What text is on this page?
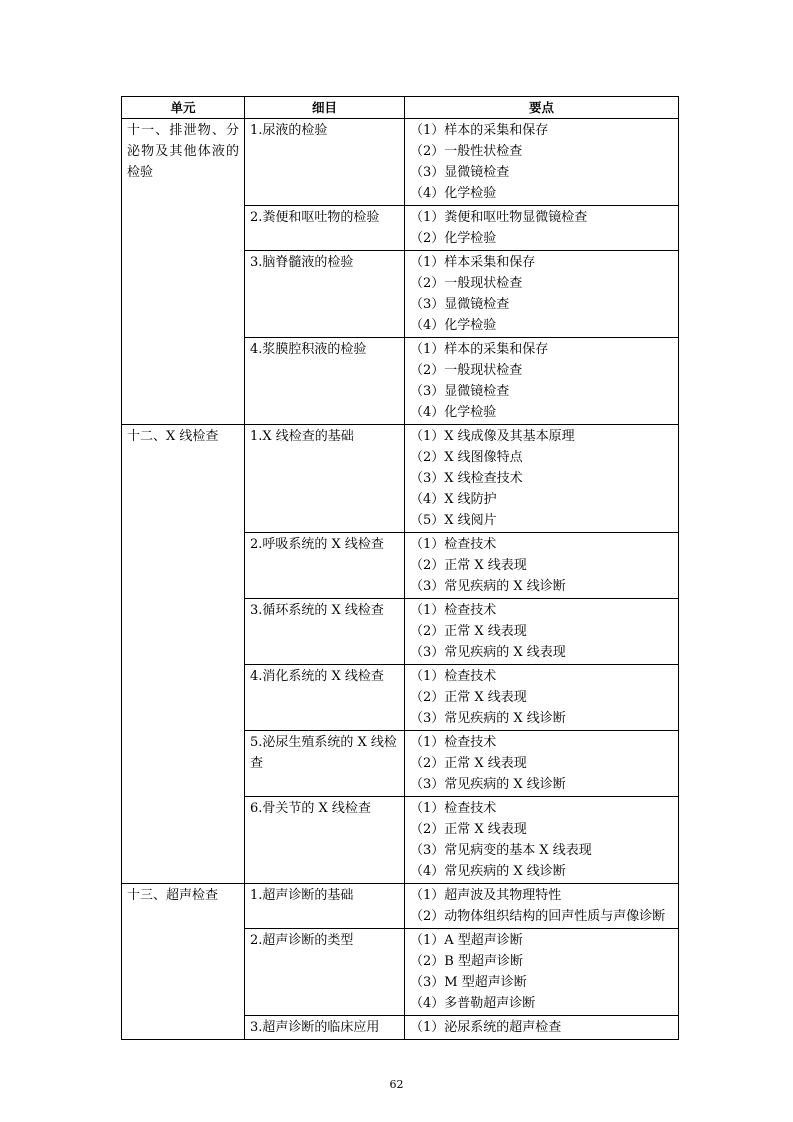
单元	细目	要点
十一、排泄物、分泌物及其他体液的检验	1.尿液的检验	（1）样本的采集和保存
（2）一般性状检查
（3）显微镜检查
（4）化学检验

	2.粪便和呕吐物的检验	（1）粪便和呕吐物显微镜检查
（2）化学检验

	3.脑脊髓液的检验	（1）样本采集和保存
（2）一般现状检查
（3）显微镜检查
（4）化学检验

	4.浆膜腔积液的检验	（1）样本的采集和保存
（2）一般现状检查
（3）显微镜检查
（4）化学检验

十二、X 线检查	1.X 线检查的基础	（1）X 线成像及其基本原理
（2）X 线图像特点
（3）X 线检查技术
（4）X 线防护
（5）X 线阅片

	2.呼吸系统的 X 线检查	（1）检查技术
（2）正常 X 线表现
（3）常见疾病的 X 线诊断

	3.循环系统的 X 线检查	（1）检查技术
（2）正常 X 线表现
（3）常见疾病的 X 线表现

	4.消化系统的 X 线检查	（1）检查技术
（2）正常 X 线表现
（3）常见疾病的 X 线诊断

	5.泌尿生殖系统的 X 线检查	（1）检查技术
（2）正常 X 线表现
（3）常见疾病的 X 线诊断

	6.骨关节的 X 线检查	（1）检查技术
（2）正常 X 线表现
（3）常见病变的基本 X 线表现
（4）常见疾病的 X 线诊断

十三、超声检查	1.超声诊断的基础	（1）超声波及其物理特性
（2）动物体组织结构的回声性质与声像诊断

	2.超声诊断的类型	（1）A 型超声诊断
（2）B 型超声诊断
（3）M 型超声诊断
（4）多普勒超声诊断

	3.超声诊断的临床应用	（1）泌尿系统的超声检查
62
